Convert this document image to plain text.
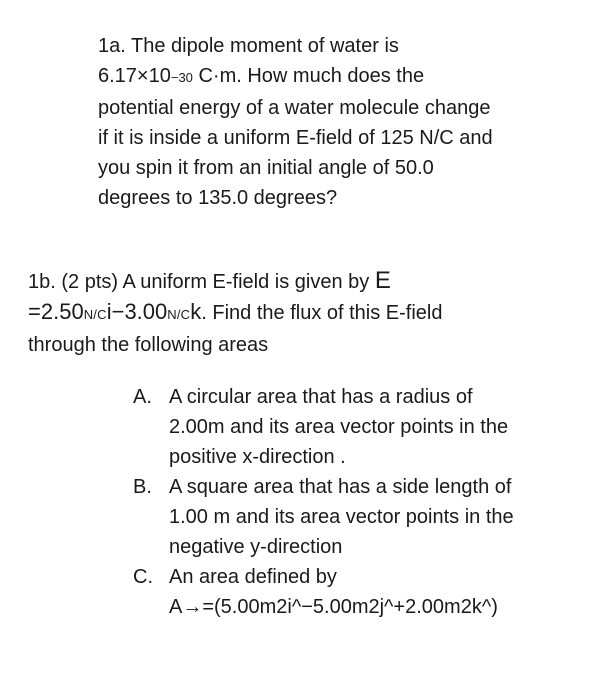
1a. The dipole moment of water is
6.17×10−30 C·m. How much does the
potential energy of a water molecule change
if it is inside a uniform E-field of 125 N/C and
you spin it from an initial angle of 50.0
degrees to 135.0 degrees?
1b. (2 pts) A uniform E-field is given by E
=2.50N/Ci−3.00N/Ck. Find the flux of this E-field
through the following areas
A. A circular area that has a radius of
2.00m and its area vector points in the
positive x-direction .
B. A square area that has a side length of
1.00 m and its area vector points in the
negative y-direction
C. An area defined by
A→=(5.00m2i^−5.00m2j^+2.00m2k^)
